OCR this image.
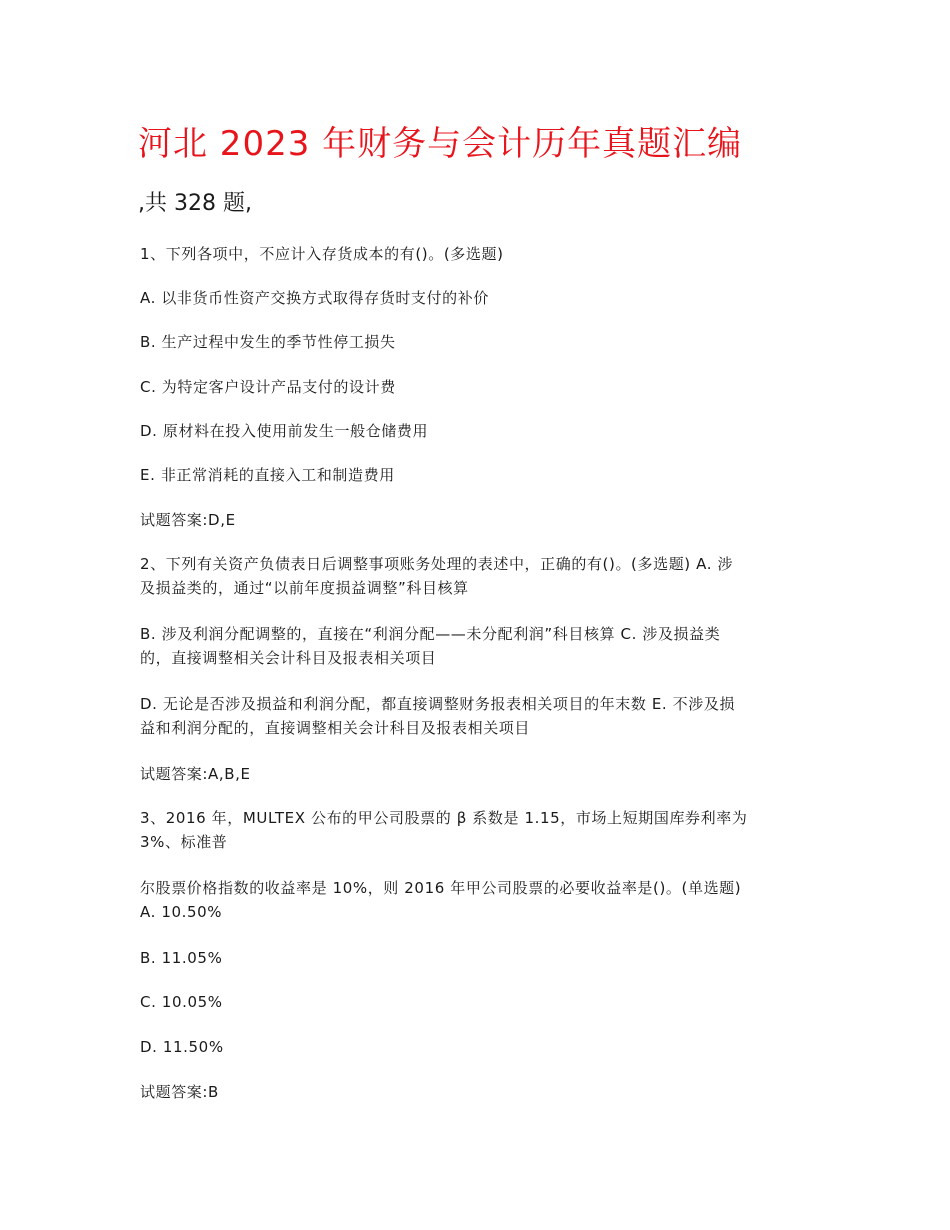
河北 2023 年财务与会计历年真题汇编
,共 328 题,
1、下列各项中，不应计入存货成本的有()。(多选题)
A. 以非货币性资产交换方式取得存货时支付的补价
B. 生产过程中发生的季节性停工损失
C. 为特定客户设计产品支付的设计费
D. 原材料在投入使用前发生一般仓储费用
E. 非正常消耗的直接入工和制造费用
试题答案:D,E
2、下列有关资产负债表日后调整事项账务处理的表述中，正确的有()。(多选题) A. 涉
及损益类的，通过“以前年度损益调整”科目核算
B. 涉及利润分配调整的，直接在“利润分配——未分配利润”科目核算 C. 涉及损益类
的，直接调整相关会计科目及报表相关项目
D. 无论是否涉及损益和利润分配，都直接调整财务报表相关项目的年末数 E. 不涉及损
益和利润分配的，直接调整相关会计科目及报表相关项目
试题答案:A,B,E
3、2016 年，MULTEX 公布的甲公司股票的 β 系数是 1.15，市场上短期国库券利率为
3%、标准普
尔股票价格指数的收益率是 10%，则 2016 年甲公司股票的必要收益率是()。(单选题)
A. 10.50%
B. 11.05%
C. 10.05%
D. 11.50%
试题答案:B
